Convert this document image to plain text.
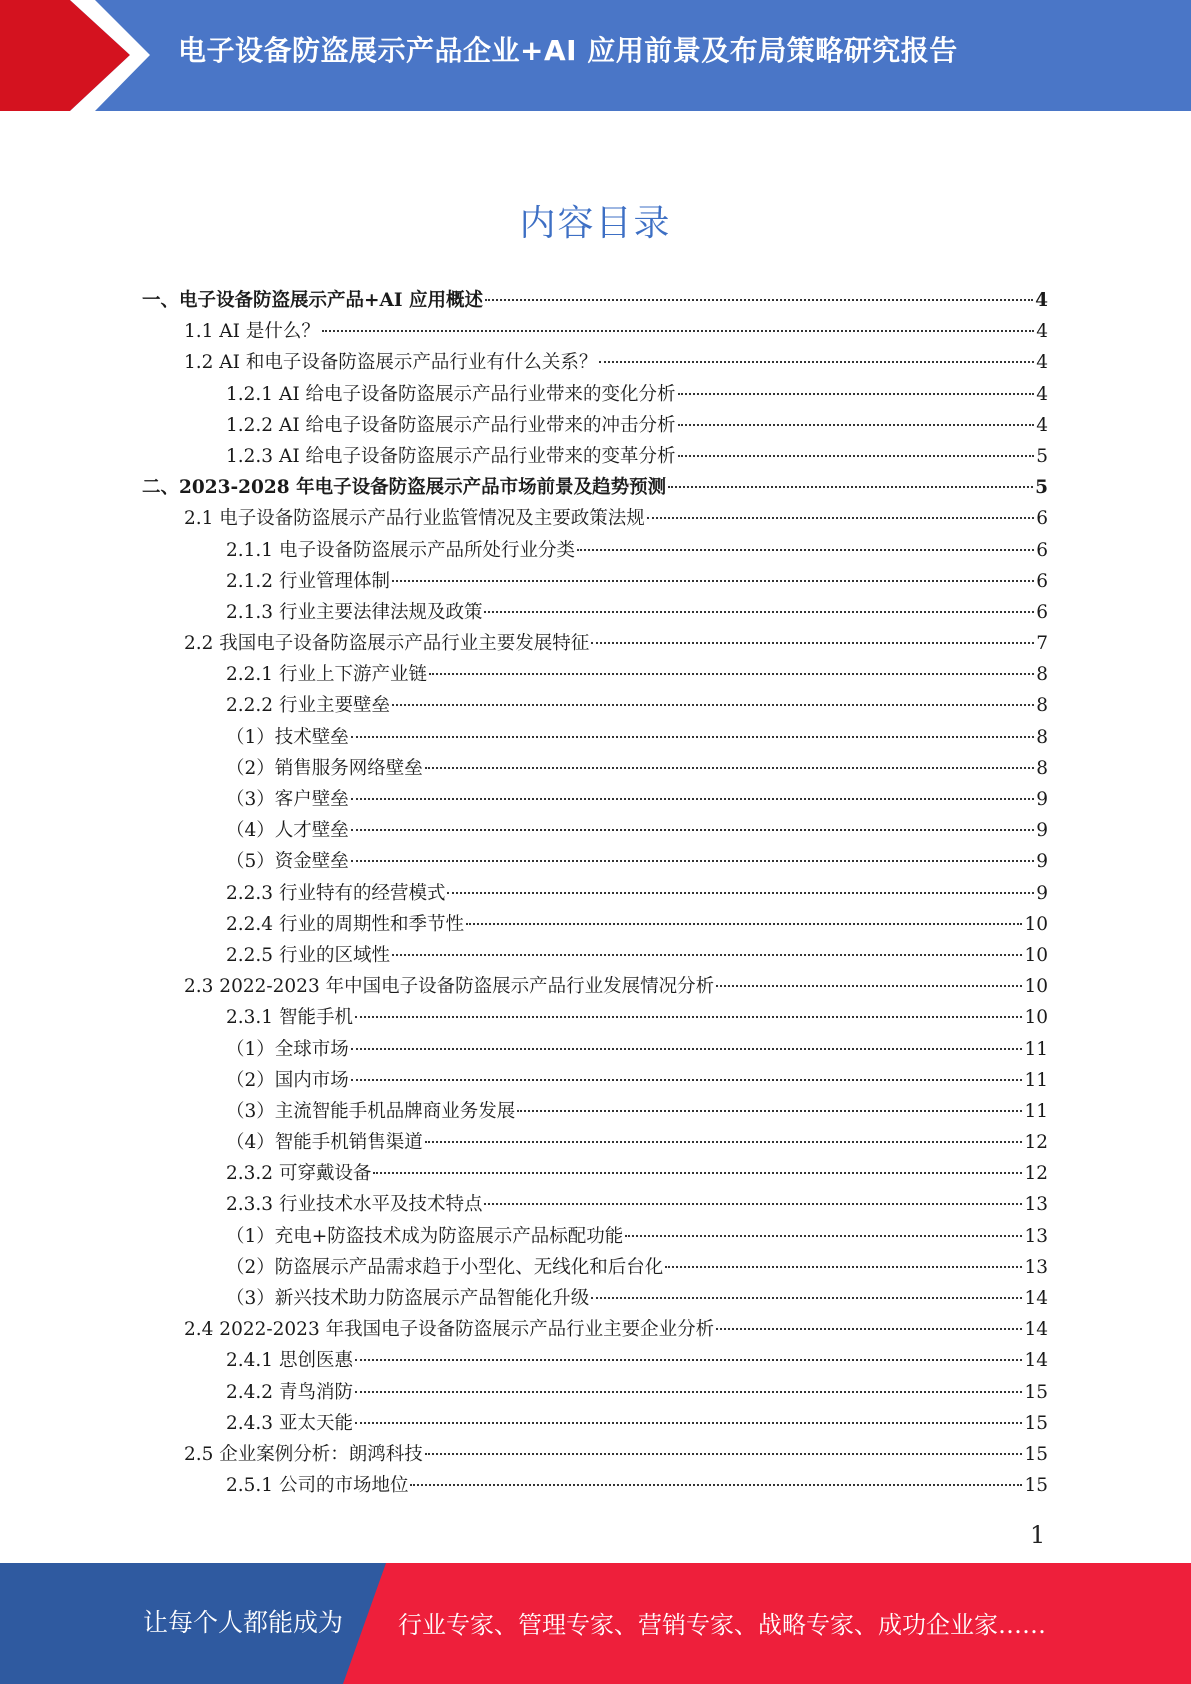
电子设备防盗展示产品企业+AI 应用前景及布局策略研究报告
内容目录
一、电子设备防盗展示产品+AI 应用概述	4
1.1 AI 是什么？	4
1.2 AI 和电子设备防盗展示产品行业有什么关系？	4
1.2.1 AI 给电子设备防盗展示产品行业带来的变化分析	4
1.2.2 AI 给电子设备防盗展示产品行业带来的冲击分析	4
1.2.3 AI 给电子设备防盗展示产品行业带来的变革分析	5
二、2023-2028 年电子设备防盗展示产品市场前景及趋势预测	5
2.1 电子设备防盗展示产品行业监管情况及主要政策法规	6
2.1.1 电子设备防盗展示产品所处行业分类	6
2.1.2 行业管理体制	6
2.1.3 行业主要法律法规及政策	6
2.2 我国电子设备防盗展示产品行业主要发展特征	7
2.2.1 行业上下游产业链	8
2.2.2 行业主要壁垒	8
（1）技术壁垒	8
（2）销售服务网络壁垒	8
（3）客户壁垒	9
（4）人才壁垒	9
（5）资金壁垒	9
2.2.3 行业特有的经营模式	9
2.2.4 行业的周期性和季节性	10
2.2.5 行业的区域性	10
2.3 2022-2023 年中国电子设备防盗展示产品行业发展情况分析	10
2.3.1 智能手机	10
（1）全球市场	11
（2）国内市场	11
（3）主流智能手机品牌商业务发展	11
（4）智能手机销售渠道	12
2.3.2 可穿戴设备	12
2.3.3 行业技术水平及技术特点	13
（1）充电+防盗技术成为防盗展示产品标配功能	13
（2）防盗展示产品需求趋于小型化、无线化和后台化	13
（3）新兴技术助力防盗展示产品智能化升级	14
2.4 2022-2023 年我国电子设备防盗展示产品行业主要企业分析	14
2.4.1 思创医惠	14
2.4.2 青鸟消防	15
2.4.3 亚太天能	15
2.5 企业案例分析：朗鸿科技	15
2.5.1 公司的市场地位	15
1
让每个人都能成为 行业专家、管理专家、营销专家、战略专家、成功企业家……
